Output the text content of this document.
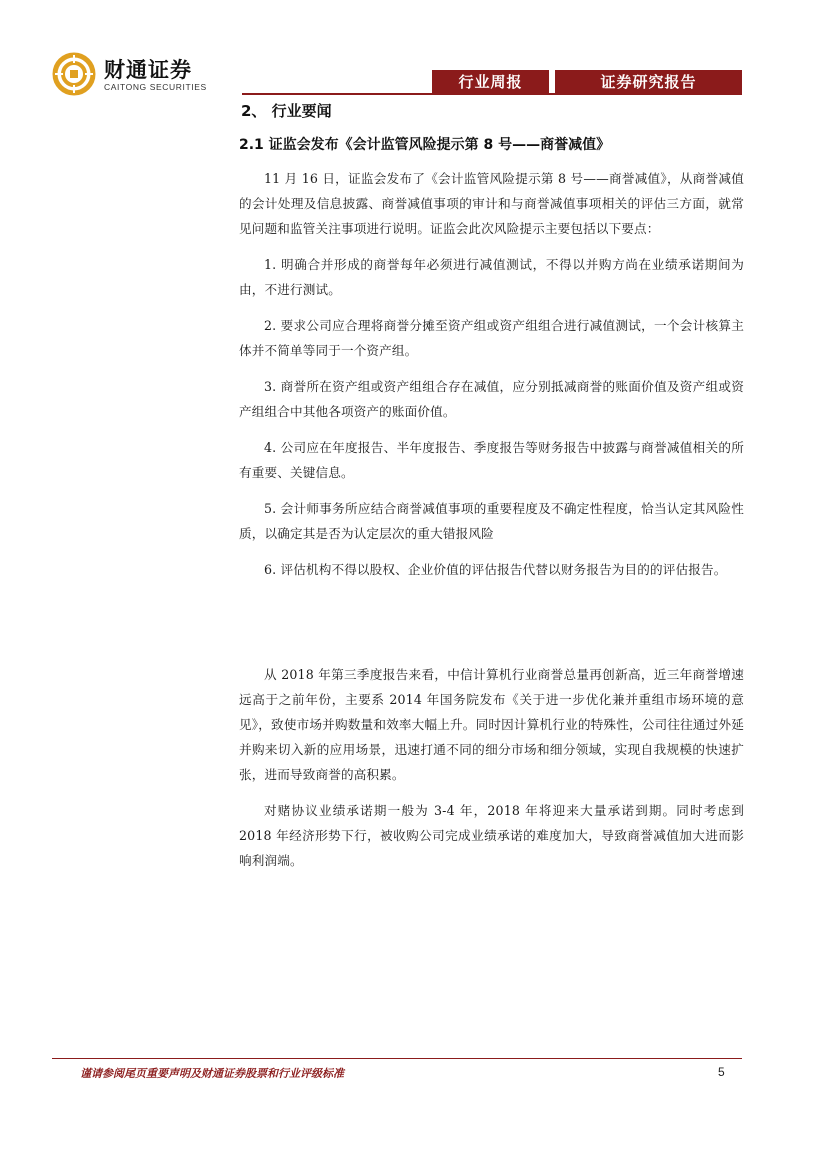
财通证券
CAITONG SECURITIES	行业周报	证券研究报告
2、 行业要闻
2.1 证监会发布《会计监管风险提示第 8 号——商誉减值》

11 月 16 日，证监会发布了《会计监管风险提示第 8 号——商誉减值》，从商誉减值的会计处理及信息披露、商誉减值事项的审计和与商誉减值事项相关的评估三方面，就常见问题和监管关注事项进行说明。证监会此次风险提示主要包括以下要点：

1. 明确合并形成的商誉每年必须进行减值测试，不得以并购方尚在业绩承诺期间为由，不进行测试。

2. 要求公司应合理将商誉分摊至资产组或资产组组合进行减值测试，一个会计核算主体并不简单等同于一个资产组。

3. 商誉所在资产组或资产组组合存在减值，应分别抵减商誉的账面价值及资产组或资产组组合中其他各项资产的账面价值。

4. 公司应在年度报告、半年度报告、季度报告等财务报告中披露与商誉减值相关的所有重要、关键信息。

5. 会计师事务所应结合商誉减值事项的重要程度及不确定性程度，恰当认定其风险性质，以确定其是否为认定层次的重大错报风险

6. 评估机构不得以股权、企业价值的评估报告代替以财务报告为目的的评估报告。

从 2018 年第三季度报告来看，中信计算机行业商誉总量再创新高，近三年商誉增速远高于之前年份，主要系 2014 年国务院发布《关于进一步优化兼并重组市场环境的意见》，致使市场并购数量和效率大幅上升。同时因计算机行业的特殊性，公司往往通过外延并购来切入新的应用场景，迅速打通不同的细分市场和细分领域，实现自我规模的快速扩张，进而导致商誉的高积累。

对赌协议业绩承诺期一般为 3-4 年，2018 年将迎来大量承诺到期。同时考虑到 2018 年经济形势下行，被收购公司完成业绩承诺的难度加大，导致商誉减值加大进而影响利润端。

谨请参阅尾页重要声明及财通证券股票和行业评级标准	5
